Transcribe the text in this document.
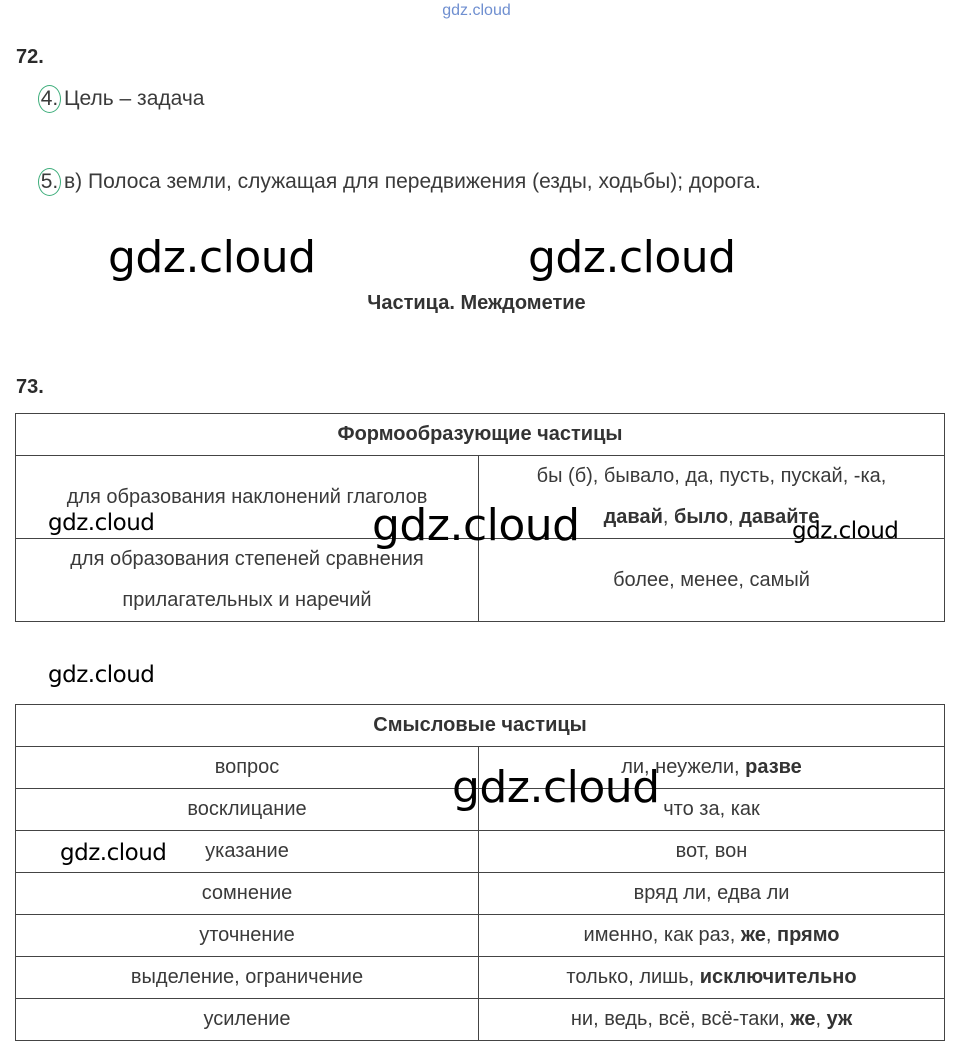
gdz.cloud
72.
4. Цель – задача
5. в) Полоса земли, служащая для передвижения (езды, ходьбы); дорога.
gdz.cloud	gdz.cloud
Частица. Междометие
73.
Формообразующие частицы	
для образования наклонений глаголов	бы (б), бывало, да, пусть, пускай, -ка,
давай, было, давайте

для образования степеней сравнения
прилагательных и наречий	более, менее, самый
gdz.cloud	gdz.cloud	gdz.cloud
gdz.cloud
Смысловые частицы	
вопрос	ли, неужели, разве
восклицание	что за, как
указание	вот, вон
сомнение	вряд ли, едва ли
уточнение	именно, как раз, же, прямо
выделение, ограничение	только, лишь, исключительно
усиление	ни, ведь, всё, всё-таки, же, уж
gdz.cloud
gdz.cloud
